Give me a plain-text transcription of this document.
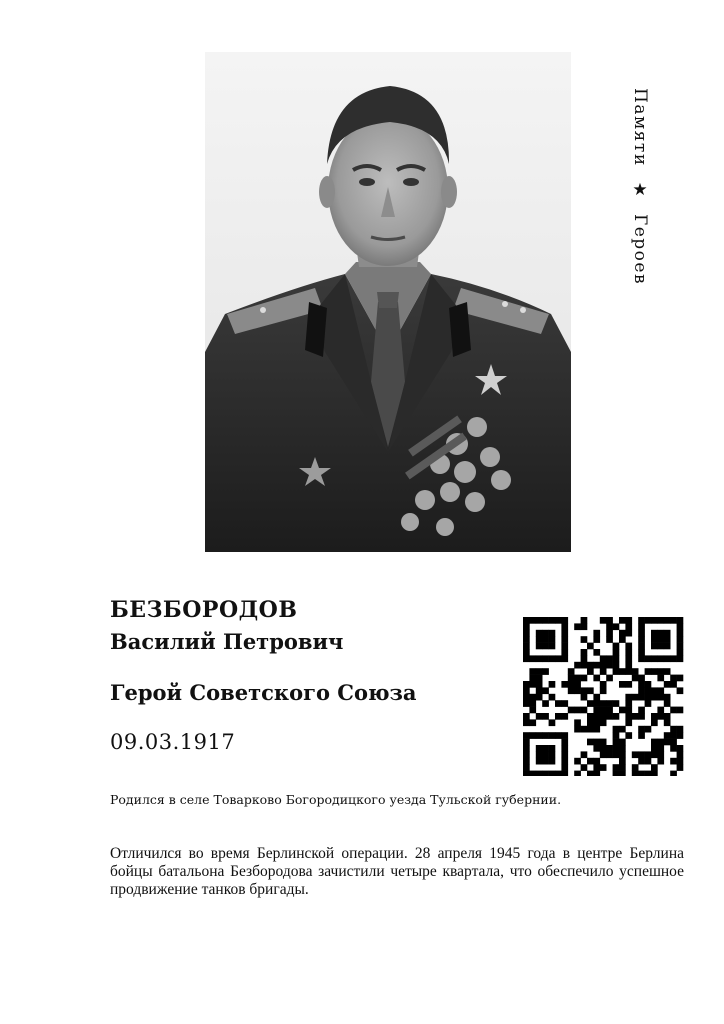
Памяти ★ Героев
БЕЗБОРОДОВ
Василий Петрович
Герой Советского Союза
09.03.1917
Родился в селе Товарково Богородицкого уезда Тульской губернии.
Отличился во время Берлинской операции. 28 апреля 1945 года в центре Берлина бойцы батальона Безбородова зачистили четыре квартала, что обеспечило успешное продвижение танков бригады.
